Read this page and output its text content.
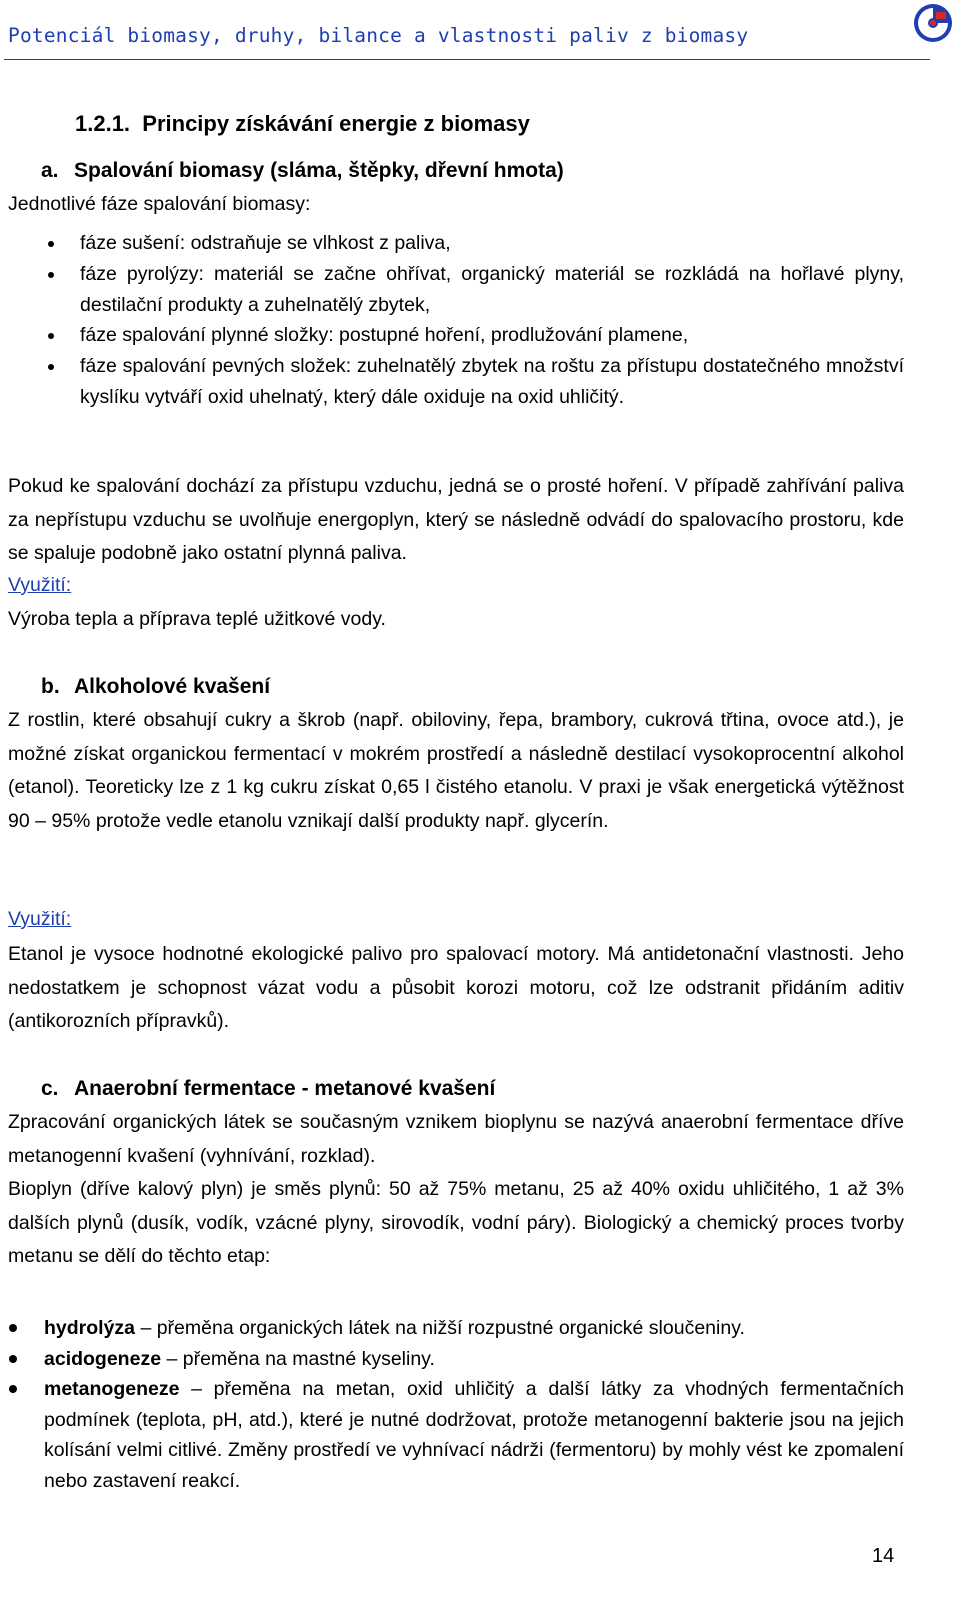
Potenciál biomasy, druhy, bilance a vlastnosti paliv z biomasy
1.2.1. Principy získávání energie z biomasy
a. Spalování biomasy (sláma, štěpky, dřevní hmota)

Jednotlivé fáze spalování biomasy:

fáze sušení: odstraňuje se vlhkost z paliva,
fáze pyrolýzy: materiál se začne ohřívat, organický materiál se rozkládá na hořlavé plyny, destilační produkty a zuhelnatělý zbytek,
fáze spalování plynné složky: postupné hoření, prodlužování plamene,
fáze spalování pevných složek: zuhelnatělý zbytek na roštu za přístupu dostatečného množství kyslíku vytváří oxid uhelnatý, který dále oxiduje na oxid uhličitý.

Pokud ke spalování dochází za přístupu vzduchu, jedná se o prosté hoření. V případě zahřívání paliva za nepřístupu vzduchu se uvolňuje energoplyn, který se následně odvádí do spalovacího prostoru, kde se spaluje podobně jako ostatní plynná paliva.

Využití:

Výroba tepla a příprava teplé užitkové vody.

b. Alkoholové kvašení

Z rostlin, které obsahují cukry a škrob (např. obiloviny, řepa, brambory, cukrová třtina, ovoce atd.), je možné získat organickou fermentací v mokrém prostředí a následně destilací vysokoprocentní alkohol (etanol). Teoreticky lze z 1 kg cukru získat 0,65 l čistého etanolu. V praxi je však energetická výtěžnost 90 – 95% protože vedle etanolu vznikají další produkty např. glycerín.

Využití:

Etanol je vysoce hodnotné ekologické palivo pro spalovací motory. Má antidetonační vlastnosti. Jeho nedostatkem je schopnost vázat vodu a působit korozi motoru, což lze odstranit přidáním aditiv (antikorozních přípravků).

c. Anaerobní fermentace - metanové kvašení

Zpracování organických látek se současným vznikem bioplynu se nazývá anaerobní fermentace dříve metanogenní kvašení (vyhnívání, rozklad).

Bioplyn (dříve kalový plyn) je směs plynů: 50 až 75% metanu, 25 až 40% oxidu uhličitého, 1 až 3% dalších plynů (dusík, vodík, vzácné plyny, sirovodík, vodní páry). Biologický a chemický proces tvorby metanu se dělí do těchto etap:

hydrolýza – přeměna organických látek na nižší rozpustné organické sloučeniny.
acidogeneze – přeměna na mastné kyseliny.
metanogeneze – přeměna na metan, oxid uhličitý a další látky za vhodných fermentačních podmínek (teplota, pH, atd.), které je nutné dodržovat, protože metanogenní bakterie jsou na jejich kolísání velmi citlivé. Změny prostředí ve vyhnívací nádrži (fermentoru) by mohly vést ke zpomalení nebo zastavení reakcí.
14
